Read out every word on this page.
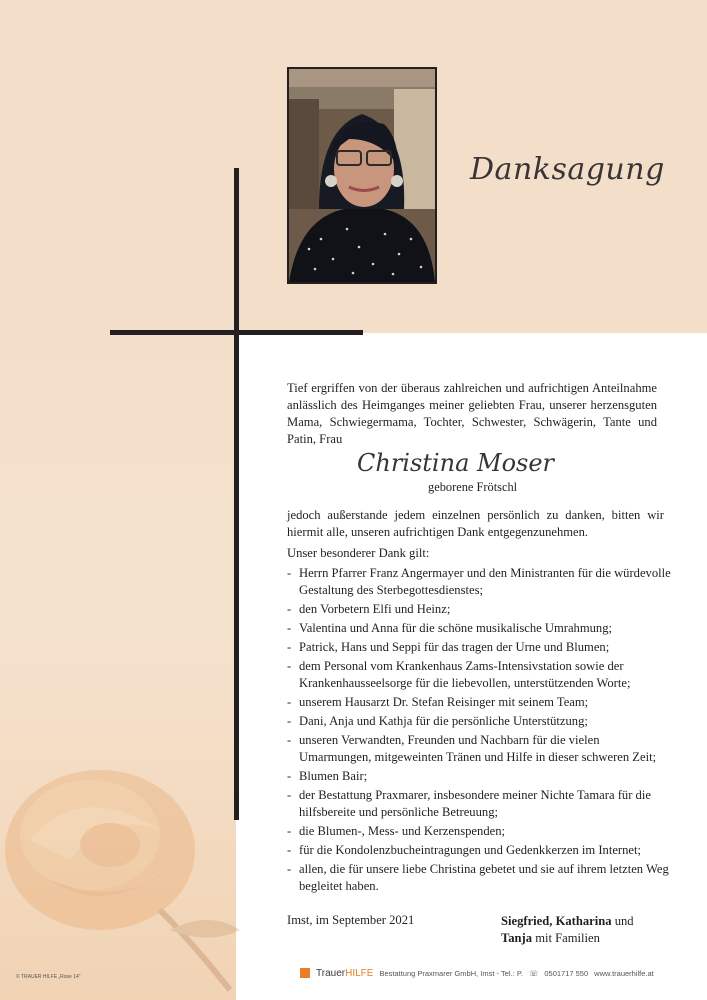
Danksagung
Tief ergriffen von der überaus zahlreichen und aufrichtigen Anteilnahme anlässlich des Heimganges meiner geliebten Frau, unserer herzensguten Mama, Schwiegermama, Tochter, Schwester, Schwägerin, Tante und Patin, Frau
Christina Moser
geborene Frötschl
jedoch außerstande jedem einzelnen persönlich zu danken, bitten wir hiermit alle, unseren aufrichtigen Dank entgegenzunehmen.
Unser besonderer Dank gilt:
- Herrn Pfarrer Franz Angermayer und den Ministranten für die würdevolle Gestaltung des Sterbegottesdienstes;
- den Vorbetern Elfi und Heinz;
- Valentina und Anna für die schöne musikalische Umrahmung;
- Patrick, Hans und Seppi für das tragen der Urne und Blumen;
- dem Personal vom Krankenhaus Zams-Intensivstation sowie der Krankenhausseelsorge für die liebevollen, unterstützenden Worte;
- unserem Hausarzt Dr. Stefan Reisinger mit seinem Team;
- Dani, Anja und Kathja für die persönliche Unterstützung;
- unseren Verwandten, Freunden und Nachbarn für die vielen Umarmungen, mitgeweinten Tränen und Hilfe in dieser schweren Zeit;
- Blumen Bair;
- der Bestattung Praxmarer, insbesondere meiner Nichte Tamara für die hilfsbereite und persönliche Betreuung;
- die Blumen-, Mess- und Kerzenspenden;
- für die Kondolenzbucheintragungen und Gedenkkerzen im Internet;
- allen, die für unsere liebe Christina gebetet und sie auf ihrem letzten Weg begleitet haben.
Imst, im September 2021	Siegfried, Katharina und
Tanja mit Familien
TrauerHILFE Bestattung Praxmarer GmbH, Imst - Tel.: P. ☏ 0501717 550 www.trauerhilfe.at
© TRAUER HILFE „Rose 14“
